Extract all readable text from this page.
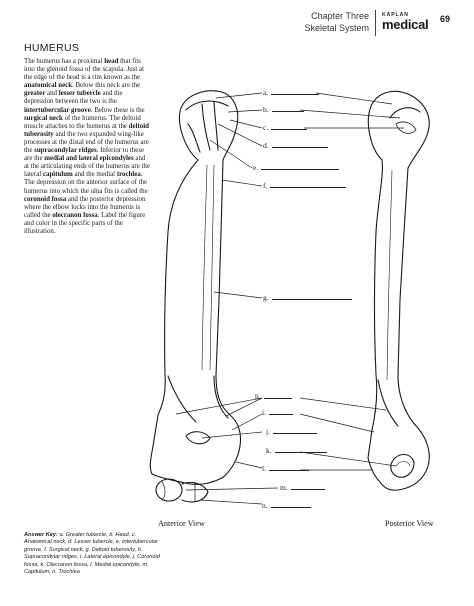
Chapter Three
Skeletal System
KAPLAN
medical 69
HUMERUS
The humerus has a proximal head that fits into the glenoid fossa of the scapula. Just at the edge of the head is a rim known as the anatomical neck. Below this neck are the greater and lesser tubercle and the depression between the two is the intertubercular groove. Below these is the surgical neck of the humerus. The deltoid muscle attaches to the humerus at the deltoid tuberosity and the two expanded wing-like processes at the distal end of the humerus are the supracondylar ridges. Inferior to these are the medial and lateral epicondyles and at the articulating ends of the humerus are the lateral capitulum and the medial trochlea. The depression on the anterior surface of the humerus into which the ulna fits is called the coronoid fossa and the posterior depression where the elbow locks into the humerus is called the olecranon fossa. Label the figure and color in the specific parts of the illustration.
a.
b.
c.
d.
e.
f.
g.
h.
i.
j.
k.
l.
m.
n.
Anterior View	Posterior View
Answer Key: a. Greater tubercle, b. Head, c. Anatomical neck, d. Lesser tubercle, e. Intertubercular groove, f. Surgical neck, g. Deltoid tuberosity, h. Supracondylar ridges, i. Lateral epicondyle, j. Coronoid fossa, k. Olecranon fossa, l. Medial epicondyle, m. Capitulum, n. Trochlea
